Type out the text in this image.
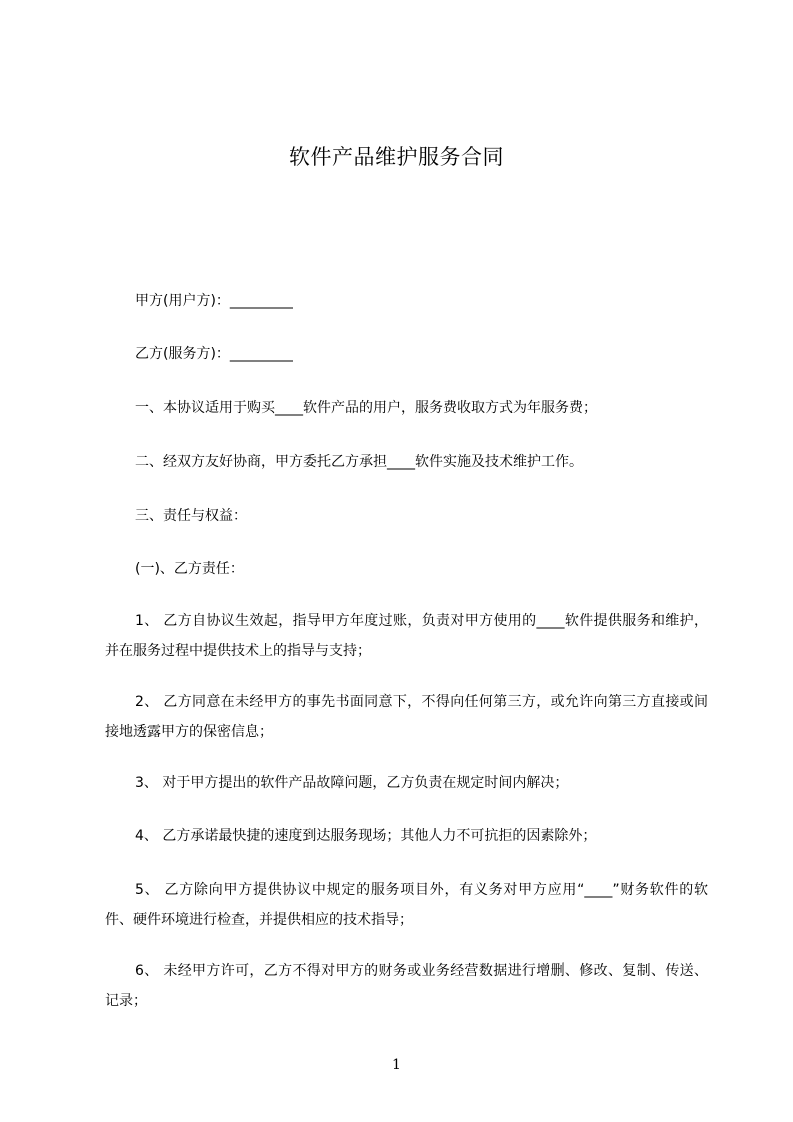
软件产品维护服务合同
甲方(用户方)：_________
乙方(服务方)：_________
一、本协议适用于购买____软件产品的用户，服务费收取方式为年服务费；
二、经双方友好协商，甲方委托乙方承担____软件实施及技术维护工作。
三、责任与权益：
(一)、乙方责任：
1、 乙方自协议生效起，指导甲方年度过账，负责对甲方使用的____软件提供服务和维护，并在服务过程中提供技术上的指导与支持；
2、 乙方同意在未经甲方的事先书面同意下，不得向任何第三方，或允许向第三方直接或间接地透露甲方的保密信息；
3、 对于甲方提出的软件产品故障问题，乙方负责在规定时间内解决；
4、 乙方承诺最快捷的速度到达服务现场；其他人力不可抗拒的因素除外；
5、 乙方除向甲方提供协议中规定的服务项目外，有义务对甲方应用“____”财务软件的软件、硬件环境进行检查，并提供相应的技术指导；
6、 未经甲方许可，乙方不得对甲方的财务或业务经营数据进行增删、修改、复制、传送、记录；
1
